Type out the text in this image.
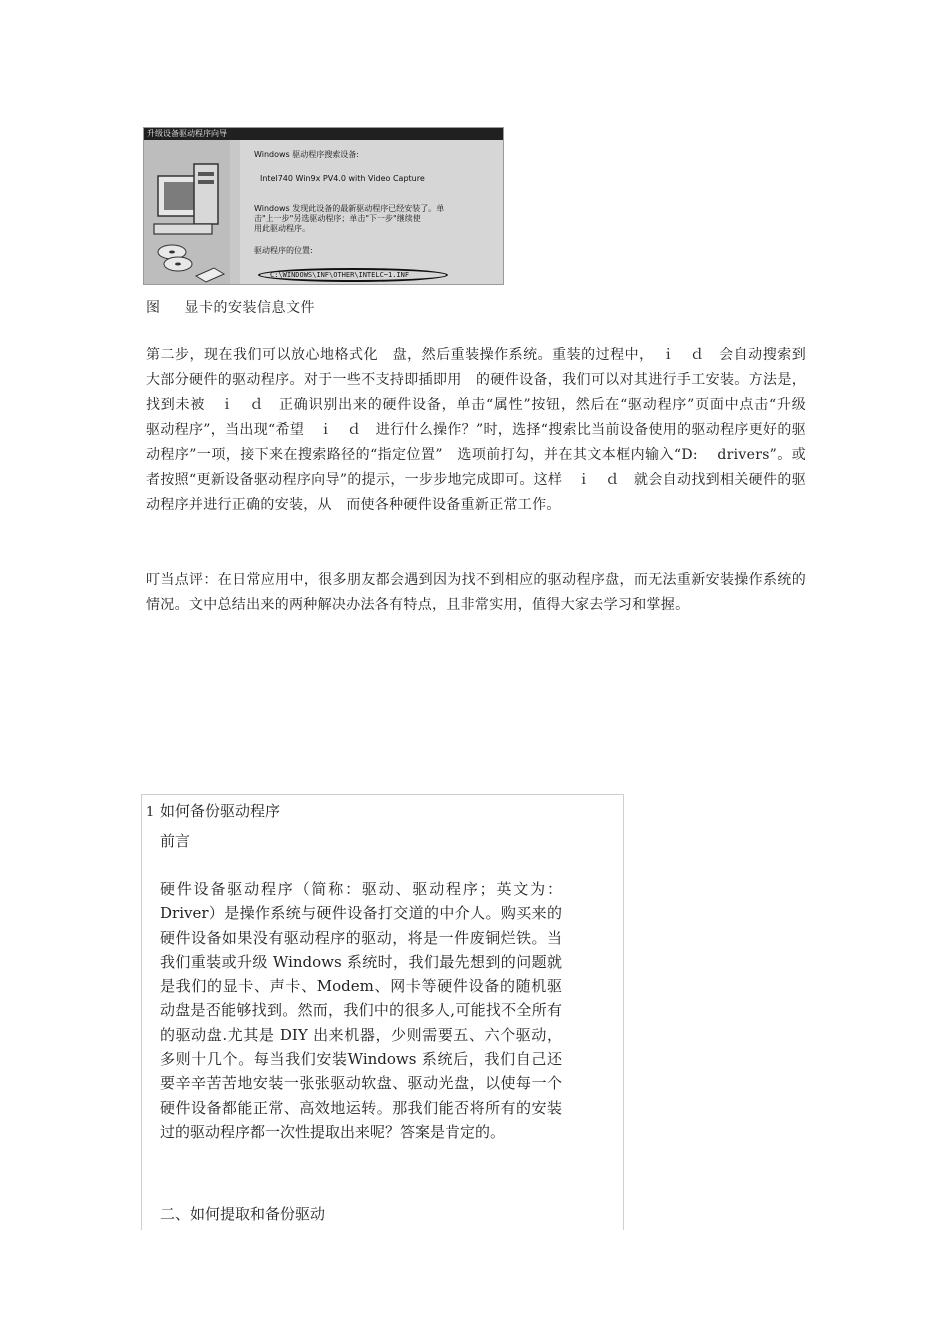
升级设备驱动程序向导
Windows 驱动程序搜索设备:
Intel740 Win9x PV4.0 with Video Capture
Windows 发现此设备的最新驱动程序已经安装了。单
击"上一步"另选驱动程序；单击"下一步"继续使
用此驱动程序。
驱动程序的位置:
C:\WINDOWS\INF\OTHER\INTELC~1.INF
图 显卡的安装信息文件

第二步，现在我们可以放心地格式化　盘，然后重装操作系统。重装的过程中，　ｉ　ｄ　会自动搜索到大部分硬件的驱动程序。对于一些不支持即插即用　的硬件设备，我们可以对其进行手工安装。方法是，找到未被　ｉ　ｄ　正确识别出来的硬件设备，单击“属性”按钮，然后在“驱动程序”页面中点击“升级　驱动程序”，当出现“希望　ｉ　ｄ　进行什么操作？”时，选择“搜索比当前设备使用的驱动程序更好的驱动程序”一项，接下来在搜索路径的“指定位置”　选项前打勾，并在其文本框内输入“D:　 drivers”。或者按照“更新设备驱动程序向导”的提示，一步步地完成即可。这样　ｉ　ｄ　就会自动找到相关硬件的驱动程序并进行正确的安装，从　而使各种硬件设备重新正常工作。

叮当点评：在日常应用中，很多朋友都会遇到因为找不到相应的驱动程序盘，而无法重新安装操作系统的情况。文中总结出来的两种解决办法各有特点，且非常实用，值得大家去学习和掌握。

1 如何备份驱动程序
前言

硬件设备驱动程序（简称：驱动、驱动程序；英文为：Driver）是操作系统与硬件设备打交道的中介人。购买来的硬件设备如果没有驱动程序的驱动，将是一件废铜烂铁。当我们重装或升级 Windows 系统时，我们最先想到的问题就是我们的显卡、声卡、Modem、网卡等硬件设备的随机驱动盘是否能够找到。然而，我们中的很多人,可能找不全所有的驱动盘.尤其是 DIY 出来机器，少则需要五、六个驱动，多则十几个。每当我们安装Windows 系统后，我们自己还要辛辛苦苦地安装一张张驱动软盘、驱动光盘，以使每一个硬件设备都能正常、高效地运转。那我们能否将所有的安装过的驱动程序都一次性提取出来呢？答案是肯定的。

二、如何提取和备份驱动
